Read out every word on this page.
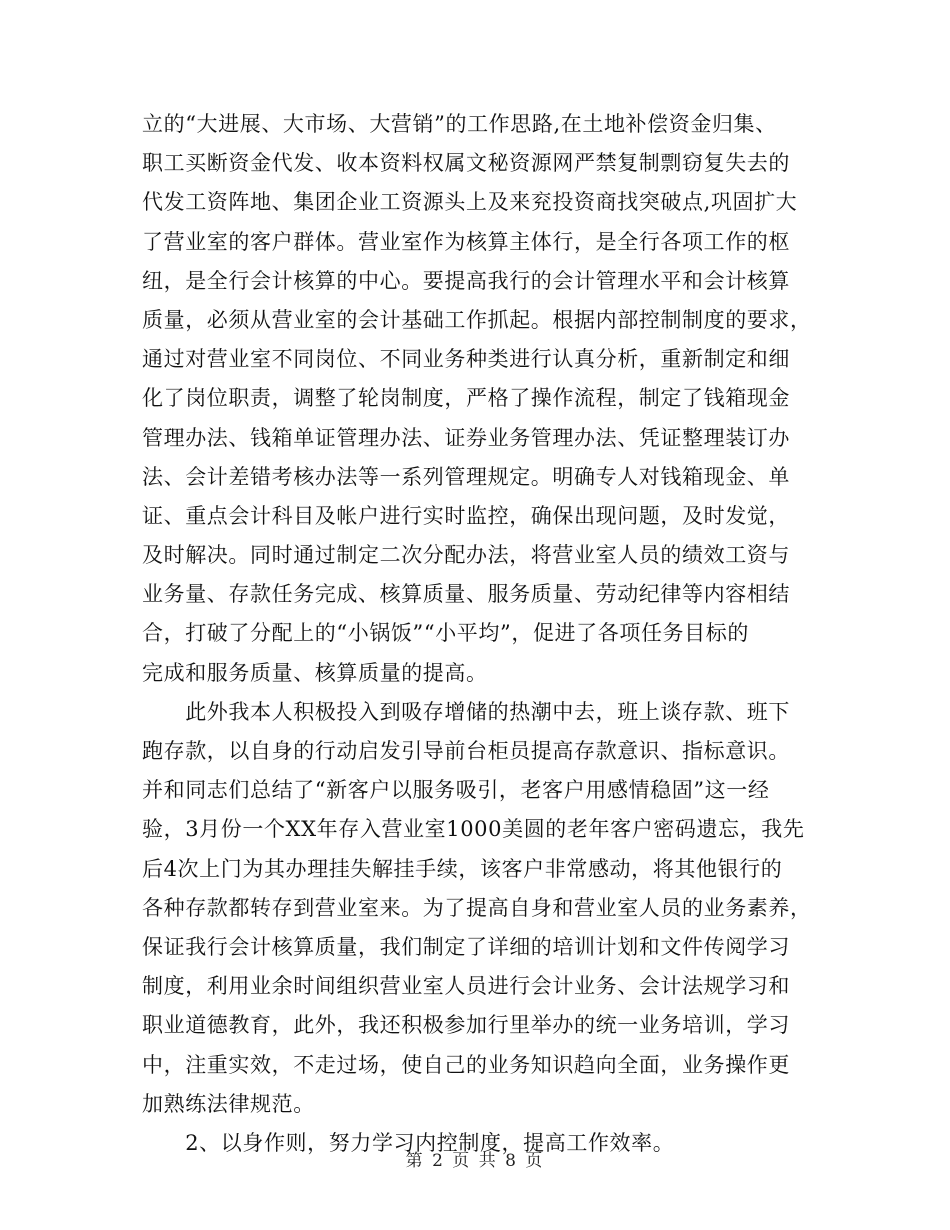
立的“大进展、大市场、大营销”的工作思路,在土地补偿资金归集、
职工买断资金代发、收本资料权属文秘资源网严禁复制剽窃复失去的
代发工资阵地、集团企业工资源头上及来兖投资商找突破点,巩固扩大
了营业室的客户群体。营业室作为核算主体行，是全行各项工作的枢
纽，是全行会计核算的中心。要提高我行的会计管理水平和会计核算
质量，必须从营业室的会计基础工作抓起。根据内部控制制度的要求，
通过对营业室不同岗位、不同业务种类进行认真分析，重新制定和细
化了岗位职责，调整了轮岗制度，严格了操作流程，制定了钱箱现金
管理办法、钱箱单证管理办法、证券业务管理办法、凭证整理装订办
法、会计差错考核办法等一系列管理规定。明确专人对钱箱现金、单
证、重点会计科目及帐户进行实时监控，确保出现问题，及时发觉，
及时解决。同时通过制定二次分配办法，将营业室人员的绩效工资与
业务量、存款任务完成、核算质量、服务质量、劳动纪律等内容相结
合，打破了分配上的“小锅饭”“小平均”，促进了各项任务目标的
完成和服务质量、核算质量的提高。
　　此外我本人积极投入到吸存增储的热潮中去，班上谈存款、班下
跑存款，以自身的行动启发引导前台柜员提高存款意识、指标意识。
并和同志们总结了“新客户以服务吸引，老客户用感情稳固”这一经
验，3月份一个XX年存入营业室1000美圆的老年客户密码遗忘，我先
后4次上门为其办理挂失解挂手续，该客户非常感动，将其他银行的
各种存款都转存到营业室来。为了提高自身和营业室人员的业务素养，
保证我行会计核算质量，我们制定了详细的培训计划和文件传阅学习
制度，利用业余时间组织营业室人员进行会计业务、会计法规学习和
职业道德教育，此外，我还积极参加行里举办的统一业务培训，学习
中，注重实效，不走过场，使自己的业务知识趋向全面，业务操作更
加熟练法律规范。
　　2、以身作则，努力学习内控制度，提高工作效率。
第 2 页 共 8 页
